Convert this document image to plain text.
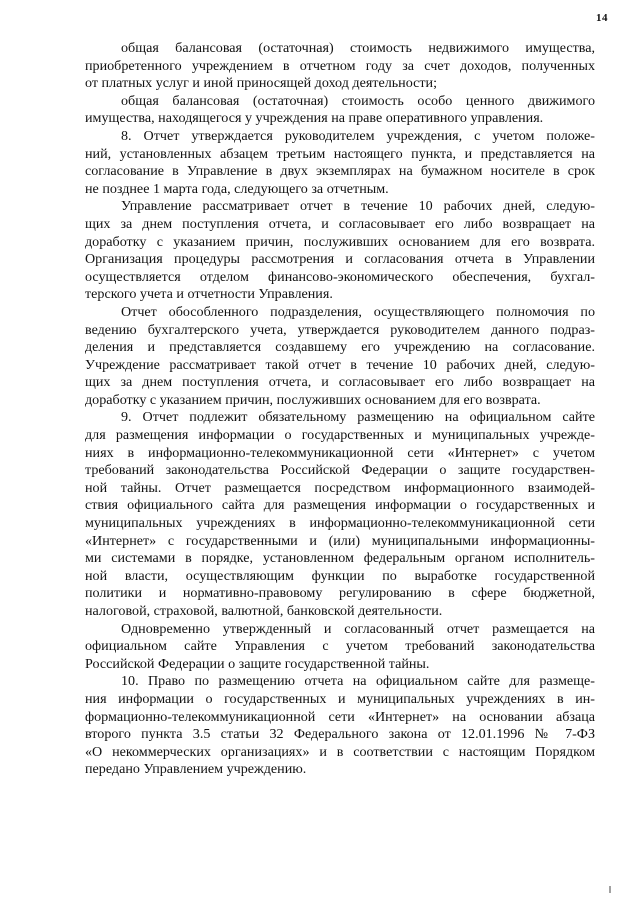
14
общая балансовая (остаточная) стоимость недвижимого имущества,
приобретенного учреждением в отчетном году за счет доходов, полученных
от платных услуг и иной приносящей доход деятельности;
общая балансовая (остаточная) стоимость особо ценного движимого
имущества, находящегося у учреждения на праве оперативного управления.
8. Отчет утверждается руководителем учреждения, с учетом положе-
ний, установленных абзацем третьим настоящего пункта, и представляется на
согласование в Управление в двух экземплярах на бумажном носителе в срок
не позднее 1 марта года, следующего за отчетным.
Управление рассматривает отчет в течение 10 рабочих дней, следую-
щих за днем поступления отчета, и согласовывает его либо возвращает на
доработку с указанием причин, послуживших основанием для его возврата.
Организация процедуры рассмотрения и согласования отчета в Управлении
осуществляется отделом финансово-экономического обеспечения, бухгал-
терского учета и отчетности Управления.
Отчет обособленного подразделения, осуществляющего полномочия по
ведению бухгалтерского учета, утверждается руководителем данного подраз-
деления и представляется создавшему его учреждению на согласование.
Учреждение рассматривает такой отчет в течение 10 рабочих дней, следую-
щих за днем поступления отчета, и согласовывает его либо возвращает на
доработку с указанием причин, послуживших основанием для его возврата.
9. Отчет подлежит обязательному размещению на официальном сайте
для размещения информации о государственных и муниципальных учрежде-
ниях в информационно-телекоммуникационной сети «Интернет» с учетом
требований законодательства Российской Федерации о защите государствен-
ной тайны. Отчет размещается посредством информационного взаимодей-
ствия официального сайта для размещения информации о государственных и
муниципальных учреждениях в информационно-телекоммуникационной сети
«Интернет» с государственными и (или) муниципальными информационны-
ми системами в порядке, установленном федеральным органом исполнитель-
ной власти, осуществляющим функции по выработке государственной
политики и нормативно-правовому регулированию в сфере бюджетной,
налоговой, страховой, валютной, банковской деятельности.
Одновременно утвержденный и согласованный отчет размещается на
официальном сайте Управления с учетом требований законодательства
Российской Федерации о защите государственной тайны.
10. Право по размещению отчета на официальном сайте для размеще-
ния информации о государственных и муниципальных учреждениях в ин-
формационно-телекоммуникационной сети «Интернет» на основании абзаца
второго пункта 3.5 статьи 32 Федерального закона от 12.01.1996 № 7-ФЗ
«О некоммерческих организациях» и в соответствии с настоящим Порядком
передано Управлением учреждению.
